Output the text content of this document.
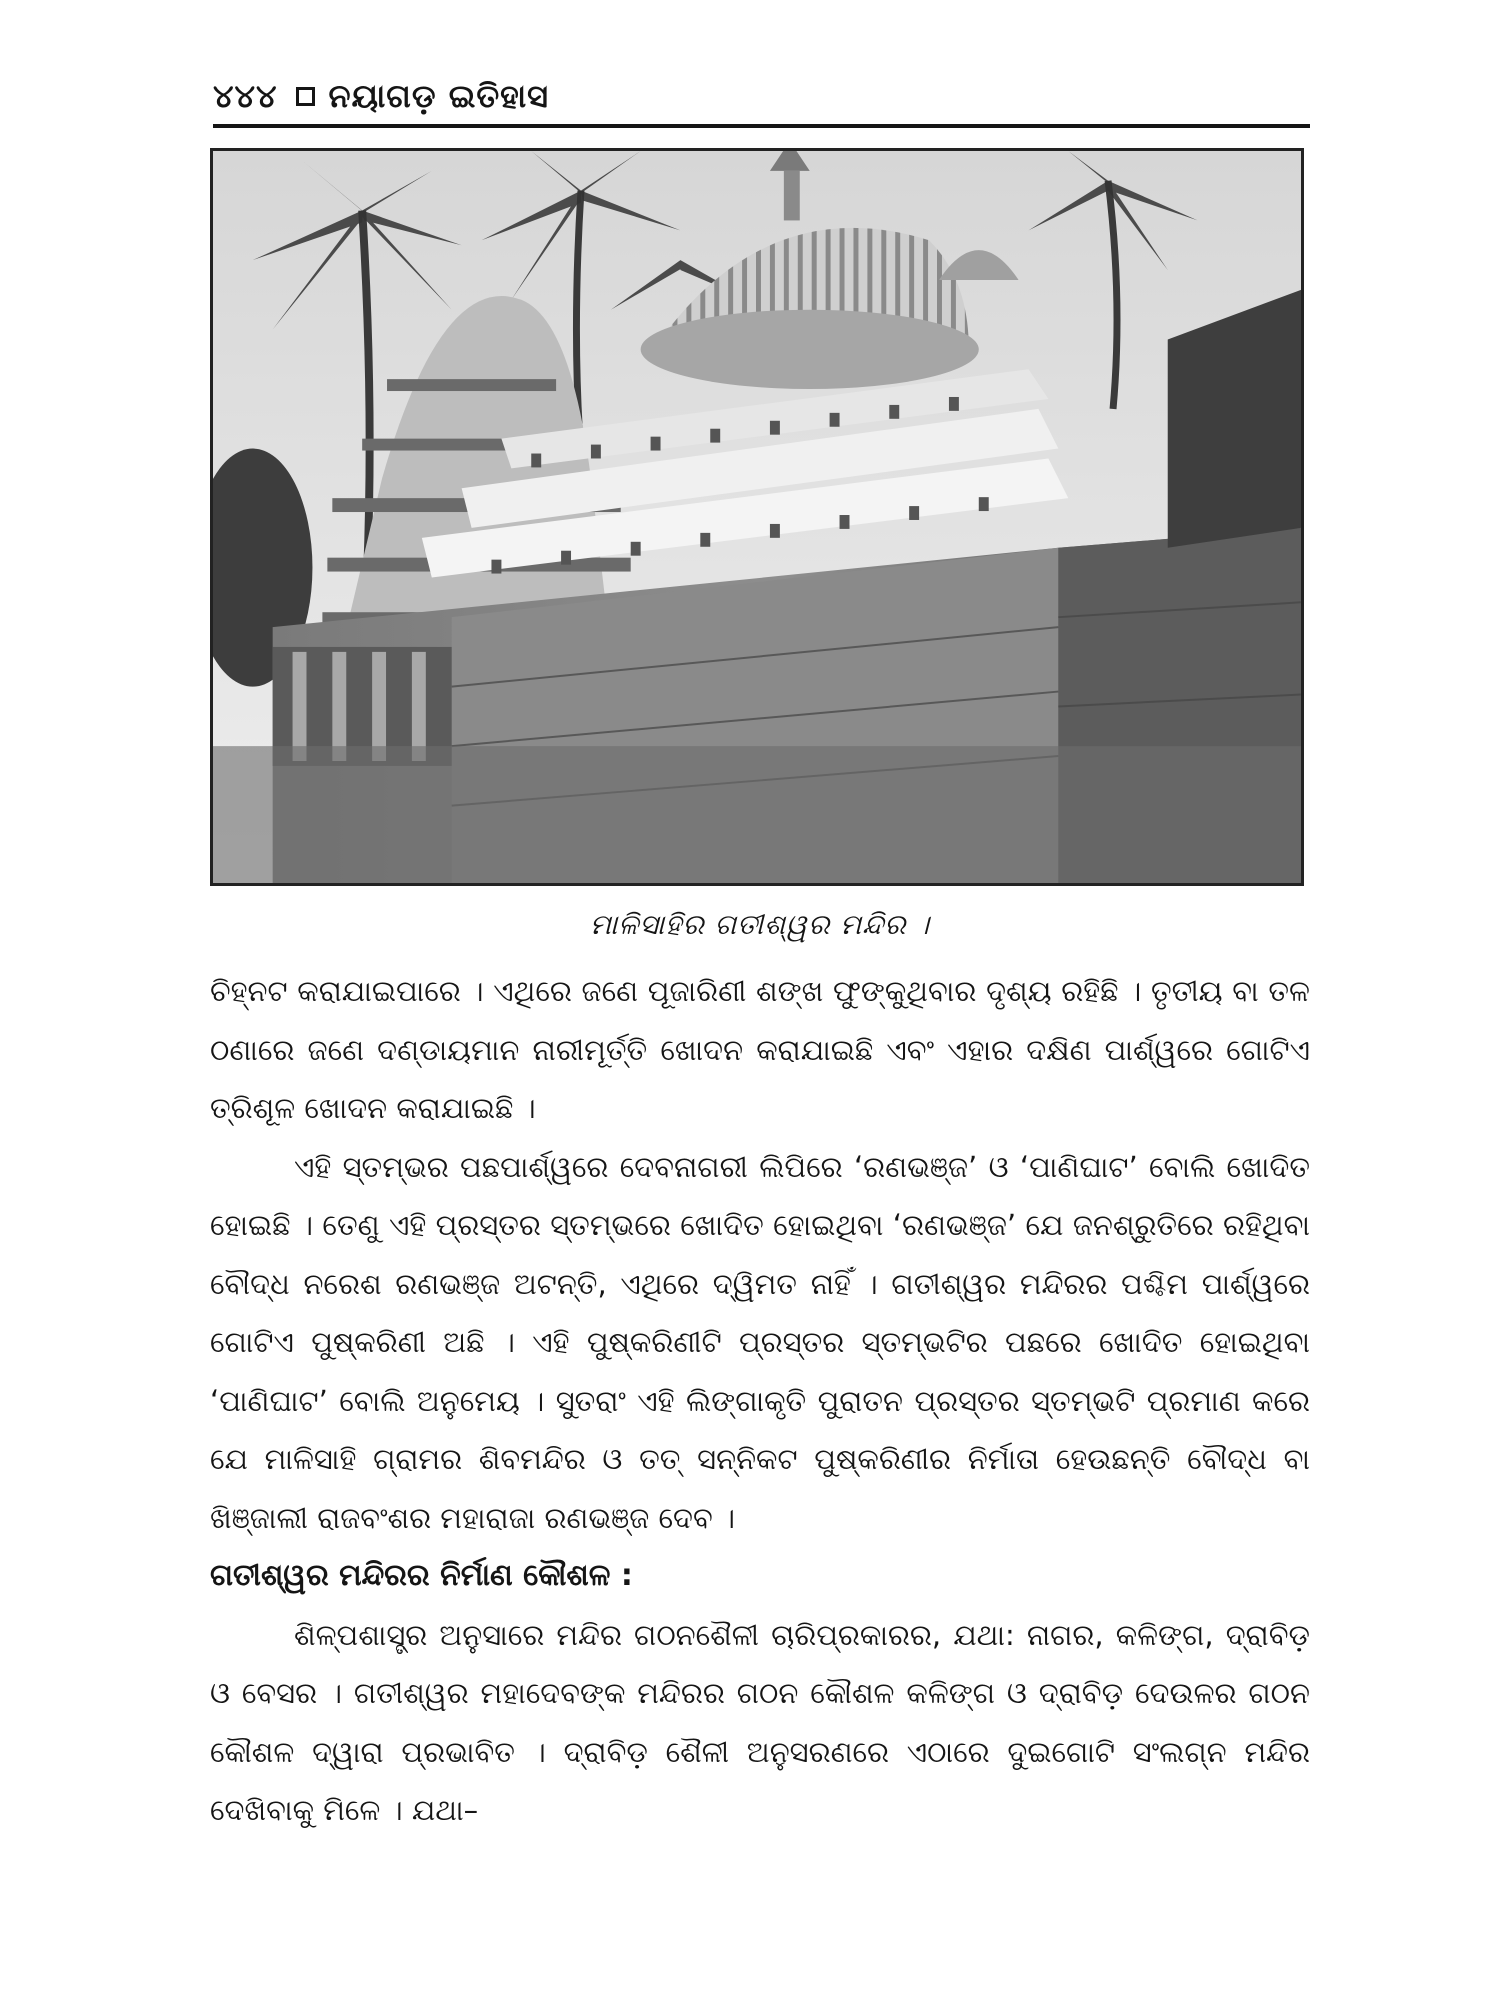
୪୪୪ ନୟାଗଡ଼ ଇତିହାସ
ମାଳିସାହିର ଗତୀଶ୍ୱର ମନ୍ଦିର ।

ଚିହ୍ନଟ କରାଯାଇପାରେ । ଏଥିରେ ଜଣେ ପୂଜାରିଣୀ ଶଙ୍ଖ ଫୁଙ୍କୁଥିବାର ଦୃଶ୍ୟ ରହିଛି । ତୃତୀୟ ବା ତଳ ଠଣାରେ ଜଣେ ଦଣ୍ଡାୟମାନ ନାରୀମୂର୍ତ୍ତି ଖୋଦନ କରାଯାଇଛି ଏବଂ ଏହାର ଦକ୍ଷିଣ ପାର୍ଶ୍ୱରେ ଗୋଟିଏ ତ୍ରିଶୂଳ ଖୋଦନ କରାଯାଇଛି ।

ଏହି ସ୍ତମ୍ଭର ପଛପାର୍ଶ୍ୱରେ ଦେବନାଗରୀ ଲିପିରେ ‘ରଣଭଞ୍ଜ’ ଓ ‘ପାଣିଘାଟ’ ବୋଲି ଖୋଦିତ ହୋଇଛି । ତେଣୁ ଏହି ପ୍ରସ୍ତର ସ୍ତମ୍ଭରେ ଖୋଦିତ ହୋଇଥିବା ‘ରଣଭଞ୍ଜ’ ଯେ ଜନଶ୍ରୁତିରେ ରହିଥିବା ବୌଦ୍ଧ ନରେଶ ରଣଭଞ୍ଜ ଅଟନ୍ତି, ଏଥିରେ ଦ୍ୱିମତ ନାହିଁ । ଗତୀଶ୍ୱର ମନ୍ଦିରର ପଶ୍ଚିମ ପାର୍ଶ୍ୱରେ ଗୋଟିଏ ପୁଷ୍କରିଣୀ ଅଛି । ଏହି ପୁଷ୍କରିଣୀଟି ପ୍ରସ୍ତର ସ୍ତମ୍ଭଟିର ପଛରେ ଖୋଦିତ ହୋଇଥିବା ‘ପାଣିଘାଟ’ ବୋଲି ଅନୁମେୟ । ସୁତରାଂ ଏହି ଲିଙ୍ଗାକୃତି ପୁରାତନ ପ୍ରସ୍ତର ସ୍ତମ୍ଭଟି ପ୍ରମାଣ କରେ ଯେ ମାଳିସାହି ଗ୍ରାମର ଶିବମନ୍ଦିର ଓ ତତ୍ ସନ୍ନିକଟ ପୁଷ୍କରିଣୀର ନିର୍ମାତା ହେଉଛନ୍ତି ବୌଦ୍ଧ ବା ଖିଞ୍ଜାଲୀ ରାଜବଂଶର ମହାରାଜା ରଣଭଞ୍ଜ ଦେବ ।

ଗତୀଶ୍ୱର ମନ୍ଦିରର ନିର୍ମାଣ କୌଶଳ :

ଶିଳ୍ପଶାସ୍ତ୍ର ଅନୁସାରେ ମନ୍ଦିର ଗଠନଶୈଳୀ ଚାରିପ୍ରକାରର, ଯଥା: ନାଗର, କଳିଙ୍ଗ, ଦ୍ରାବିଡ଼ ଓ ବେସର । ଗତୀଶ୍ୱର ମହାଦେବଙ୍କ ମନ୍ଦିରର ଗଠନ କୌଶଳ କଳିଙ୍ଗ ଓ ଦ୍ରାବିଡ଼ ଦେଉଳର ଗଠନ କୌଶଳ ଦ୍ୱାରା ପ୍ରଭାବିତ । ଦ୍ରାବିଡ଼ ଶୈଳୀ ଅନୁସରଣରେ ଏଠାରେ ଦୁଇଗୋଟି ସଂଲଗ୍ନ ମନ୍ଦିର ଦେଖିବାକୁ ମିଳେ । ଯଥା–
